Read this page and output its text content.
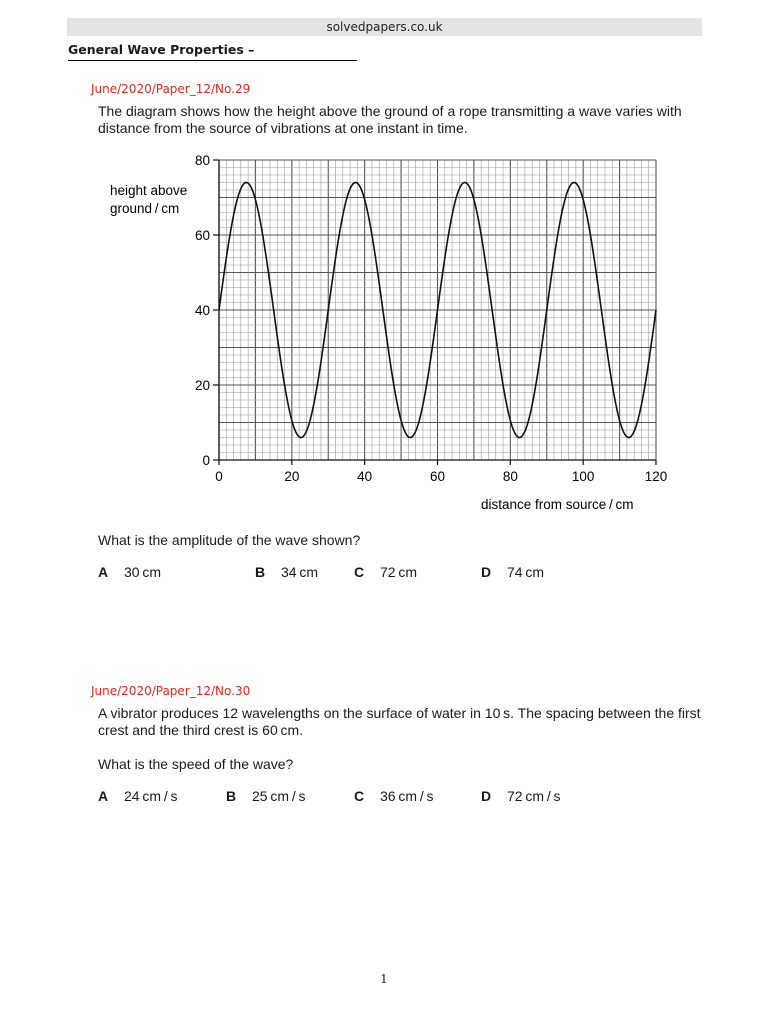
solvedpapers.co.uk
General Wave Properties –
June/2020/Paper_12/No.29
The diagram shows how the height above the ground of a rope transmitting a wave varies with
distance from the source of vibrations at one instant in time.
0
20
40
60
80
0	20	40	60	80	100	120
height above
ground / cm
distance from source / cm
What is the amplitude of the wave shown?
A 30 cm	B 34 cm	C 72 cm	D 74 cm
June/2020/Paper_12/No.30
A vibrator produces 12 wavelengths on the surface of water in 10 s. The spacing between the first
crest and the third crest is 60 cm.
What is the speed of the wave?
A 24 cm / s	B 25 cm / s	C 36 cm / s	D 72 cm / s
1
